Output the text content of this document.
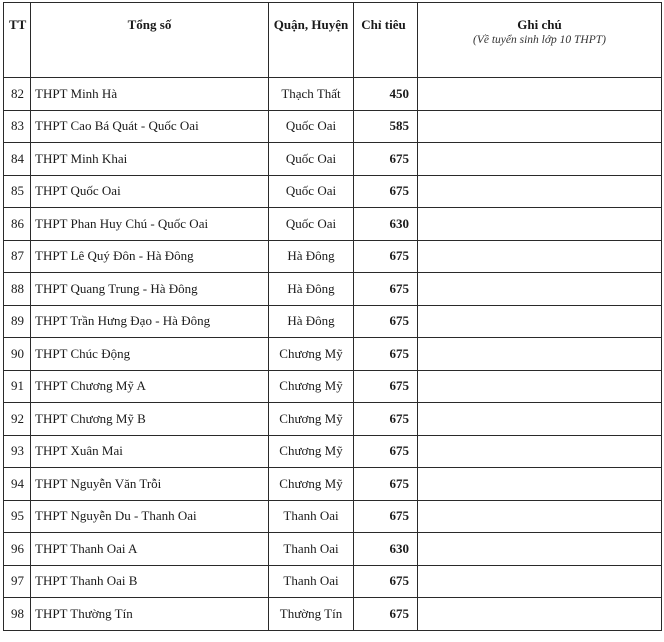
TT	Tổng số	Quận, Huyện	Chỉ tiêu	Ghi chú
(Về tuyển sinh lớp 10 THPT)

82	THPT Minh Hà	Thạch Thất	450	
83	THPT Cao Bá Quát - Quốc Oai	Quốc Oai	585	
84	THPT Minh Khai	Quốc Oai	675	
85	THPT Quốc Oai	Quốc Oai	675	
86	THPT Phan Huy Chú - Quốc Oai	Quốc Oai	630	
87	THPT Lê Quý Đôn - Hà Đông	Hà Đông	675	
88	THPT Quang Trung - Hà Đông	Hà Đông	675	
89	THPT Trần Hưng Đạo - Hà Đông	Hà Đông	675	
90	THPT Chúc Động	Chương Mỹ	675	
91	THPT Chương Mỹ A	Chương Mỹ	675	
92	THPT Chương Mỹ B	Chương Mỹ	675	
93	THPT Xuân Mai	Chương Mỹ	675	
94	THPT Nguyễn Văn Trỗi	Chương Mỹ	675	
95	THPT Nguyễn Du - Thanh Oai	Thanh Oai	675	
96	THPT Thanh Oai A	Thanh Oai	630	
97	THPT Thanh Oai B	Thanh Oai	675	
98	THPT Thường Tín	Thường Tín	675	
